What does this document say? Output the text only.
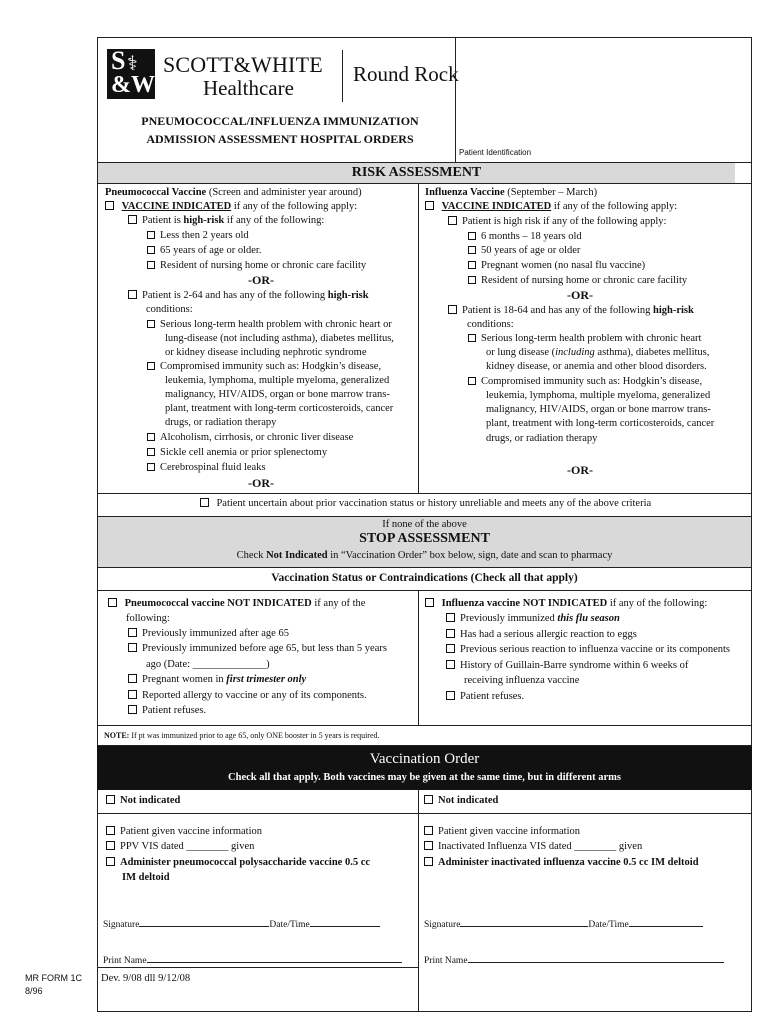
S ⚕
&W
SCOTT&WHITE
Healthcare
Round Rock
PNEUMOCOCCAL/INFLUENZA IMMUNIZATION
ADMISSION ASSESSMENT HOSPITAL ORDERS
Patient Identification
RISK ASSESSMENT
Pneumococcal Vaccine (Screen and administer year around)
VACCINE INDICATED if any of the following apply:
Patient is high-risk if any of the following:
Less then 2 years old
65 years of age or older.
Resident of nursing home or chronic care facility
-OR-
Patient is 2-64 and has any of the following high-risk
conditions:
Serious long-term health problem with chronic heart or
lung-disease (not including asthma), diabetes mellitus,
or kidney disease including nephrotic syndrome
Compromised immunity such as: Hodgkin’s disease,
leukemia, lymphoma, multiple myeloma, generalized
malignancy, HIV/AIDS, organ or bone marrow trans-
plant, treatment with long-term corticosteroids, cancer
drugs, or radiation therapy
Alcoholism, cirrhosis, or chronic liver disease
Sickle cell anemia or prior splenectomy
Cerebrospinal fluid leaks
-OR-
Influenza Vaccine (September – March)
VACCINE INDICATED if any of the following apply:
Patient is high risk if any of the following apply:
6 months – 18 years old
50 years of age or older
Pregnant women (no nasal flu vaccine)
Resident of nursing home or chronic care facility
-OR-
Patient is 18-64 and has any of the following high-risk
conditions:
Serious long-term health problem with chronic heart
or lung disease (including asthma), diabetes mellitus,
kidney disease, or anemia and other blood disorders.
Compromised immunity such as: Hodgkin’s disease,
leukemia, lymphoma, multiple myeloma, generalized
malignancy, HIV/AIDS, organ or bone marrow trans-
plant, treatment with long-term corticosteroids, cancer
drugs, or radiation therapy
-OR-
Patient uncertain about prior vaccination status or history unreliable and meets any of the above criteria
If none of the above
STOP ASSESSMENT
Check Not Indicated in “Vaccination Order” box below, sign, date and scan to pharmacy
Vaccination Status or Contraindications (Check all that apply)
Pneumococcal vaccine NOT INDICATED if any of the
following:
Previously immunized after age 65
Previously immunized before age 65, but less than 5 years
ago (Date: ______________)
Pregnant women in first trimester only
Reported allergy to vaccine or any of its components.
Patient refuses.
Influenza vaccine NOT INDICATED if any of the following:
Previously immunized this flu season
Has had a serious allergic reaction to eggs
Previous serious reaction to influenza vaccine or its components
History of Guillain-Barre syndrome within 6 weeks of
receiving influenza vaccine
Patient refuses.
NOTE: If pt was immunized prior to age 65, only ONE booster in 5 years is required.
Vaccination Order
Check all that apply. Both vaccines may be given at the same time, but in different arms
Not indicated	Not indicated
Patient given vaccine information
PPV VIS dated ________ given
Administer pneumococcal polysaccharide vaccine 0.5 cc
IM deltoid
Patient given vaccine information
Inactivated Influenza VIS dated ________ given
Administer inactivated influenza vaccine 0.5 cc IM deltoid
Signature	Date/Time	Signature	Date/Time
Print Name	Print Name
Dev. 9/08 dll 9/12/08
MR FORM 1C
8/96
